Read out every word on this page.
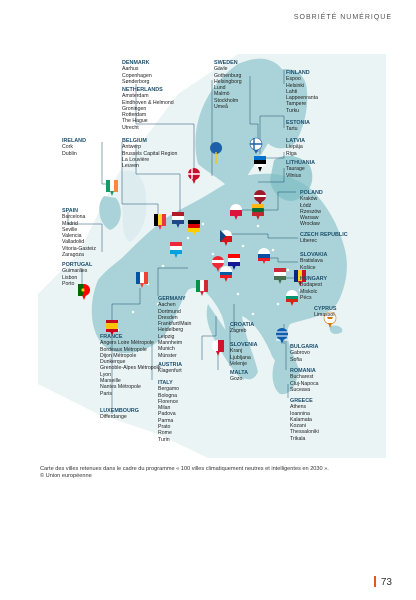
SOBRIÉTÉ NUMÉRIQUE
DENMARK
Aarhus
Copenhagen
Sønderborg
NETHERLANDS
Amsterdam
Eindhoven & Helmond
Groningen
Rotterdam
The Hague
Utrecht
SWEDEN
Gävle
Gothenburg
Helsingborg
Lund
Malmö
Stockholm
Umeå
FINLAND
Espoo
Helsinki
Lahti
Lappeenranta
Tampere
Turku
ESTONIA
Tartu
IRELAND
Cork
Dublin
BELGIUM
Antwerp
Brussels Capital Region
La Louvière
Leuven
LATVIA
Liepāja
Riga
LITHUANIA
Taurage
Vilnius
POLAND
Kraków
Łódź
Rzeszów
Warsaw
Wrocław
SPAIN
Barcelona
Madrid
Seville
Valencia
Valladolid
Vitoria-Gasteiz
Zaragoza
CZECH REPUBLIC
Liberec
PORTUGAL
Guimarães
Lisbon
Porto
SLOVAKIA
Bratislava
Košice
HUNGARY
Budapest
Miskolc
Pécs
GERMANY
Aachen
Dortmund
Dresden
Frankfurt/Main
Heidelberg
Leipzig
Mannheim
Munich
Münster
CYPRUS
Limassol
CROATIA
Zagreb
FRANCE
Angers Loire Métropole
Bordeaux Métropole
Dijon Métropole
Dunkerque
Grenoble-Alpes Métropole
Lyon
Marseille
Nantes Métropole
Paris
BULGARIA
Gabrovo
Sofia
SLOVENIA
Kranj
Ljubljana
Velenje
AUSTRIA
Klagenfurt	MALTA
Gozo
ROMANIA
Bucharest
Cluj-Napoca
Suceava
ITALY
Bergamo
Bologna
Florence
Milan
Padova
Parma
Prato
Rome
Turin
LUXEMBOURG
Differdange
GREECE
Athens
Ioannina
Kalamata
Kozani
Thessaloniki
Trikala
Carte des villes retenues dans le cadre du programme « 100 villes climatiquement neutres et intelligentes en 2030 ».
© Union européenne
73
